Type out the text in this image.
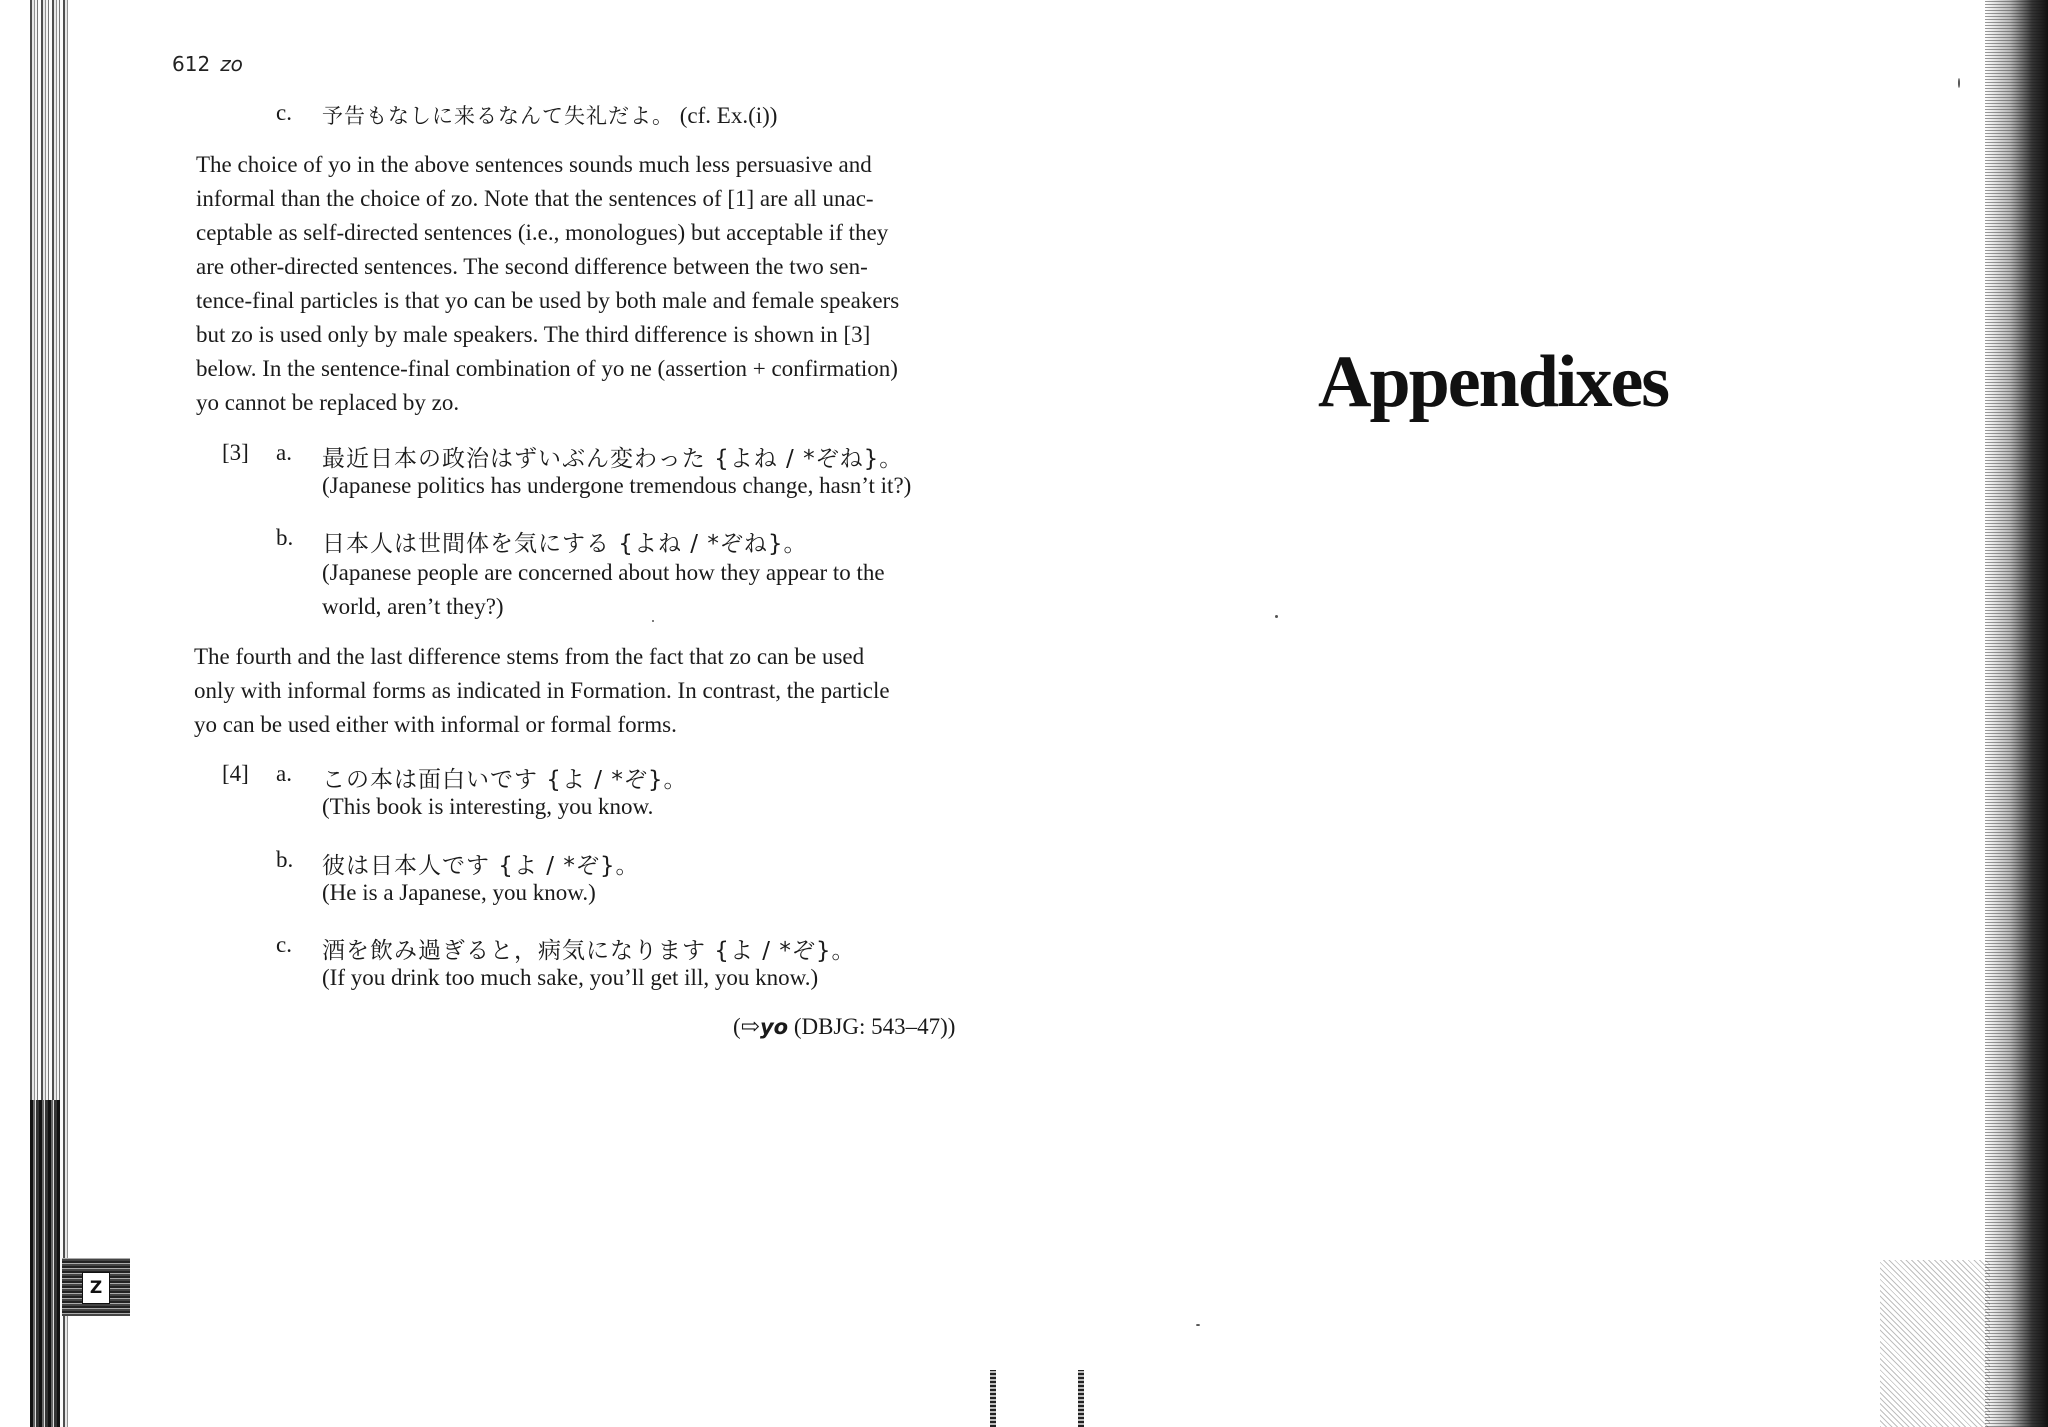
Z
612 zo
c. 予告もなしに来るなんて失礼だよ。 (cf. Ex.(i))
The choice of yo in the above sentences sounds much less persuasive and
informal than the choice of zo. Note that the sentences of [1] are all unac-
ceptable as self-directed sentences (i.e., monologues) but acceptable if they
are other-directed sentences. The second difference between the two sen-
tence-final particles is that yo can be used by both male and female speakers
but zo is used only by male speakers. The third difference is shown in [3]
below. In the sentence-final combination of yo ne (assertion + confirmation)
yo cannot be replaced by zo.
[3] a. 最近日本の政治はずいぶん変わった {よね / *ぞね}。
(Japanese politics has undergone tremendous change, hasn’t it?)
b. 日本人は世間体を気にする {よね / *ぞね}。
(Japanese people are concerned about how they appear to the
world, aren’t they?)
The fourth and the last difference stems from the fact that zo can be used
only with informal forms as indicated in Formation. In contrast, the particle
yo can be used either with informal or formal forms.
[4] a. この本は面白いです {よ / *ぞ}。
(This book is interesting, you know.
b. 彼は日本人です {よ / *ぞ}。
(He is a Japanese, you know.)
c. 酒を飲み過ぎると，病気になります {よ / *ぞ}。
(If you drink too much sake, you’ll get ill, you know.)
(⇨yo (DBJG: 543–47))
Appendixes
